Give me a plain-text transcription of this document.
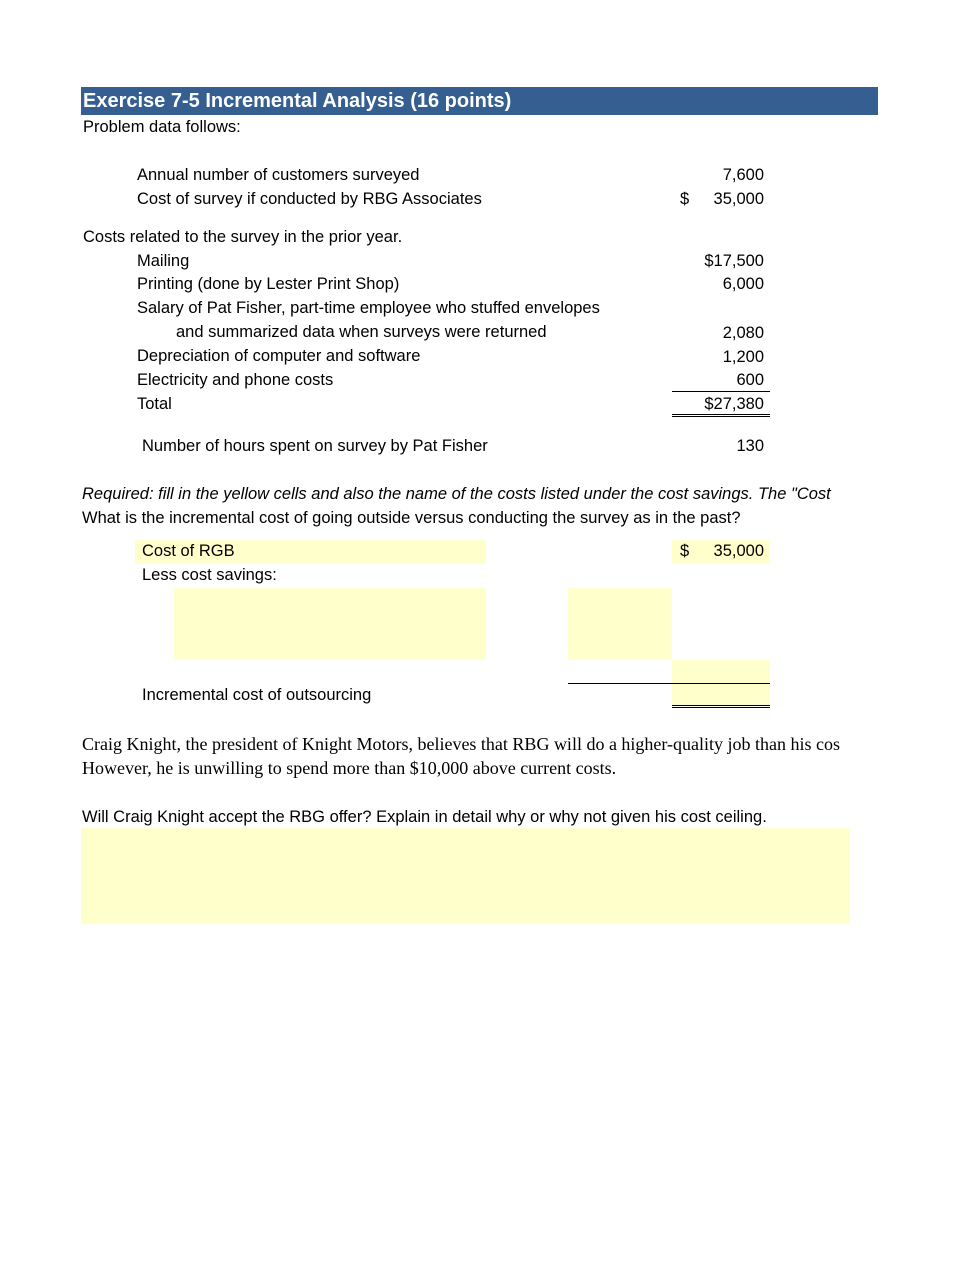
Exercise 7-5 Incremental Analysis (16 points)
Problem data follows:
Annual number of customers surveyed	7,600
Cost of survey if conducted by RBG Associates	$	35,000
Costs related to the survey in the prior year.
Mailing	$17,500
Printing (done by Lester Print Shop)	6,000
Salary of Pat Fisher, part-time employee who stuffed envelopes
and summarized data when surveys were returned	2,080
Depreciation of computer and software	1,200
Electricity and phone costs	600
Total	$27,380
Number of hours spent on survey by Pat Fisher	130
Required: fill in the yellow cells and also the name of the costs listed under the cost savings. The "Cost
What is the incremental cost of going outside versus conducting the survey as in the past?
Cost of RGB	$	35,000
Less cost savings:
Incremental cost of outsourcing
Craig Knight, the president of Knight Motors, believes that RBG will do a higher-quality job than his cos
However, he is unwilling to spend more than $10,000 above current costs.
Will Craig Knight accept the RBG offer? Explain in detail why or why not given his cost ceiling.
